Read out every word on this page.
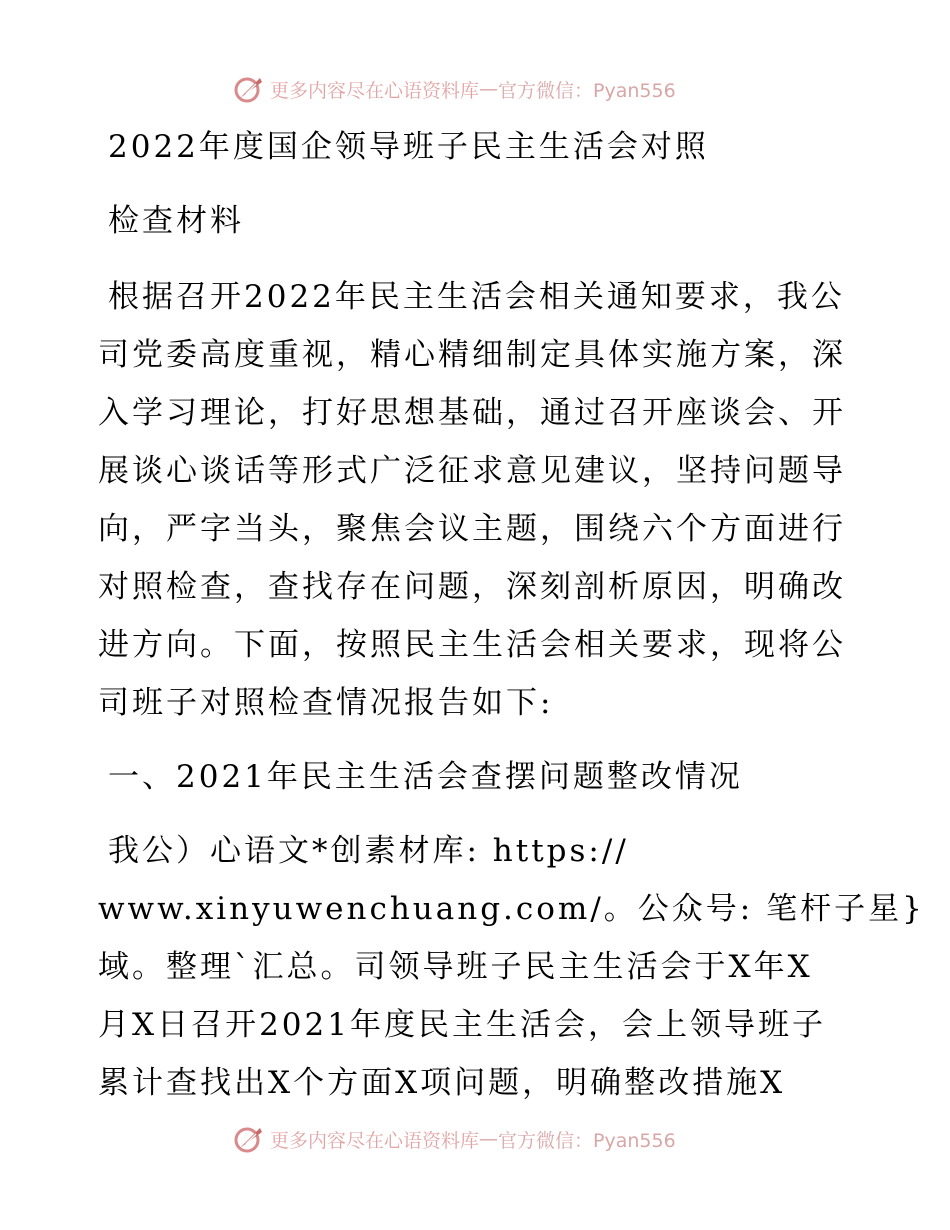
更多内容尽在心语资料库 — 官方微信：Pyan556
2022年度国企领导班子民主生活会对照
检查材料
根据召开2022年民主生活会相关通知要求，我公
司党委高度重视，精心精细制定具体实施方案，深
入学习理论，打好思想基础，通过召开座谈会、开
展谈心谈话等形式广泛征求意见建议，坚持问题导
向，严字当头，聚焦会议主题，围绕六个方面进行
对照检查，查找存在问题，深刻剖析原因，明确改
进方向。下面，按照民主生活会相关要求，现将公
司班子对照检查情况报告如下:
一、2021年民主生活会查摆问题整改情况
我公）心语文*创素材库: https://
www.xinyuwenchuang.com/。公众号: 笔杆子星}
域。整理`汇总。司领导班子民主生活会于X年X
月X日召开2021年度民主生活会，会上领导班子
累计查找出X个方面X项问题，明确整改措施X
更多内容尽在心语资料库 — 官方微信：Pyan556
